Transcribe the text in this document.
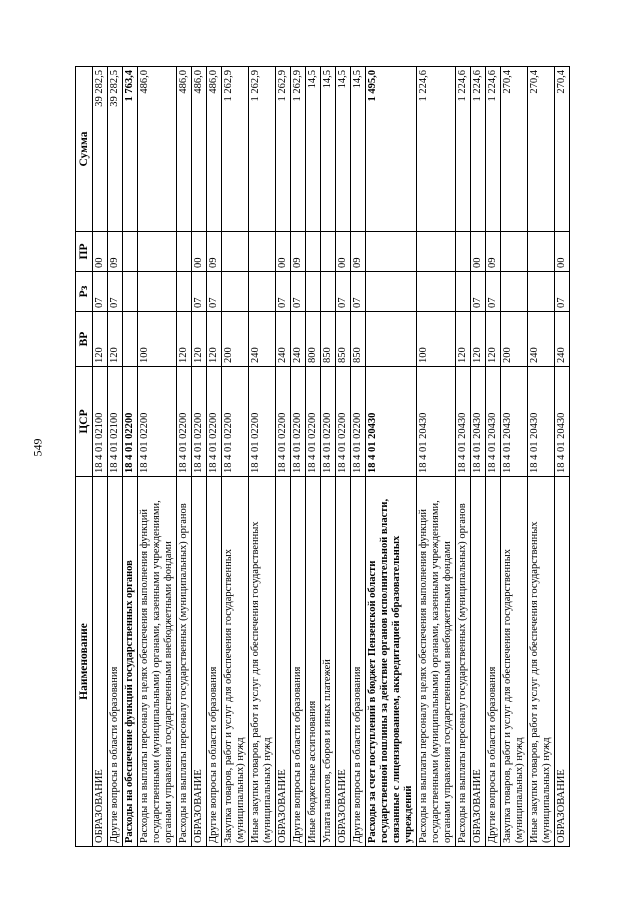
549
Наименование	ЦСР	ВР	Рз	ПР	Сумма
ОБРАЗОВАНИЕ	18 4 01 02100	120	07	00	39 282,5
Другие вопросы в области образования	18 4 01 02100	120	07	09	39 282,5
Расходы на обеспечение функций государственных органов	18 4 01 02200				1 763,4
Расходы на выплаты персоналу в целях обеспечения выполнения функций государственными (муниципальными) органами, казенными учреждениями, органами управления государственными внебюджетными фондами	18 4 01 02200	100			486,0
Расходы на выплаты персоналу государственных (муниципальных) органов	18 4 01 02200	120			486,0
ОБРАЗОВАНИЕ	18 4 01 02200	120	07	00	486,0
Другие вопросы в области образования	18 4 01 02200	120	07	09	486,0
Закупка товаров, работ и услуг для обеспечения государственных (муниципальных) нужд	18 4 01 02200	200			1 262,9
Иные закупки товаров, работ и услуг для обеспечения государственных (муниципальных) нужд	18 4 01 02200	240			1 262,9
ОБРАЗОВАНИЕ	18 4 01 02200	240	07	00	1 262,9
Другие вопросы в области образования	18 4 01 02200	240	07	09	1 262,9
Иные бюджетные ассигнования	18 4 01 02200	800			14,5
Уплата налогов, сборов и иных платежей	18 4 01 02200	850			14,5
ОБРАЗОВАНИЕ	18 4 01 02200	850	07	00	14,5
Другие вопросы в области образования	18 4 01 02200	850	07	09	14,5
Расходы за счет поступлений в бюджет Пензенской области государственной пошлины за действие органов исполнительной власти, связанные с лицензированием, аккредитацией образовательных учреждений	18 4 01 20430				1 495,0
Расходы на выплаты персоналу в целях обеспечения выполнения функций государственными (муниципальными) органами, казенными учреждениями, органами управления государственными внебюджетными фондами	18 4 01 20430	100			1 224,6
Расходы на выплаты персоналу государственных (муниципальных) органов	18 4 01 20430	120			1 224,6
ОБРАЗОВАНИЕ	18 4 01 20430	120	07	00	1 224,6
Другие вопросы в области образования	18 4 01 20430	120	07	09	1 224,6
Закупка товаров, работ и услуг для обеспечения государственных (муниципальных) нужд	18 4 01 20430	200			270,4
Иные закупки товаров, работ и услуг для обеспечения государственных (муниципальных) нужд	18 4 01 20430	240			270,4
ОБРАЗОВАНИЕ	18 4 01 20430	240	07	00	270,4
